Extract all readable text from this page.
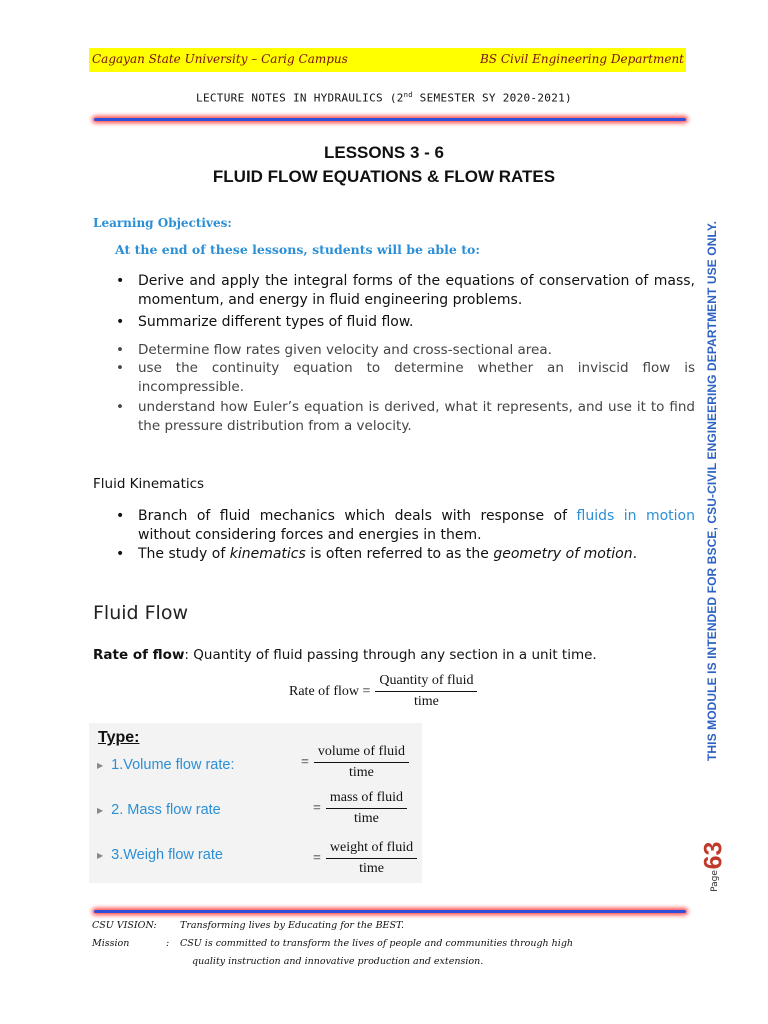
Cagayan State University – Carig Campus	BS Civil Engineering Department
LECTURE NOTES IN HYDRAULICS (2nd SEMESTER SY 2020-2021)
LESSONS 3 - 6
FLUID FLOW EQUATIONS & FLOW RATES
Learning Objectives:
At the end of these lessons, students will be able to:
• Derive and apply the integral forms of the equations of conservation of mass, momentum, and energy in fluid engineering problems.
• Summarize different types of fluid flow.
• Determine flow rates given velocity and cross-sectional area.
• use the continuity equation to determine whether an inviscid flow is incompressible.
• understand how Euler’s equation is derived, what it represents, and use it to find the pressure distribution from a velocity.
Fluid Kinematics
• Branch of fluid mechanics which deals with response of fluids in motion without considering forces and energies in them.
• The study of kinematics is often referred to as the geometry of motion.
Fluid Flow
Rate of flow: Quantity of fluid passing through any section in a unit time.
Rate of flow = $\frac{\text{Quantity of fluid}}{\text{time}}$
Type:
▶ 1.Volume flow rate:	= $\frac{\text{volume of fluid}}{\text{time}}$
▶ 2. Mass flow rate	= $\frac{\text{mass of fluid}}{\text{time}}$
▶ 3.Weigh flow rate	= $\frac{\text{weight of fluid}}{\text{time}}$
THIS MODULE IS INTENDED FOR BSCE, CSU-CIVIL ENGINEERING DEPARTMENT USE ONLY.
63
Page
CSU VISION: Transforming lives by Educating for the BEST.
Mission	: CSU is committed to transform the lives of people and communities through high
quality instruction and innovative production and extension.
